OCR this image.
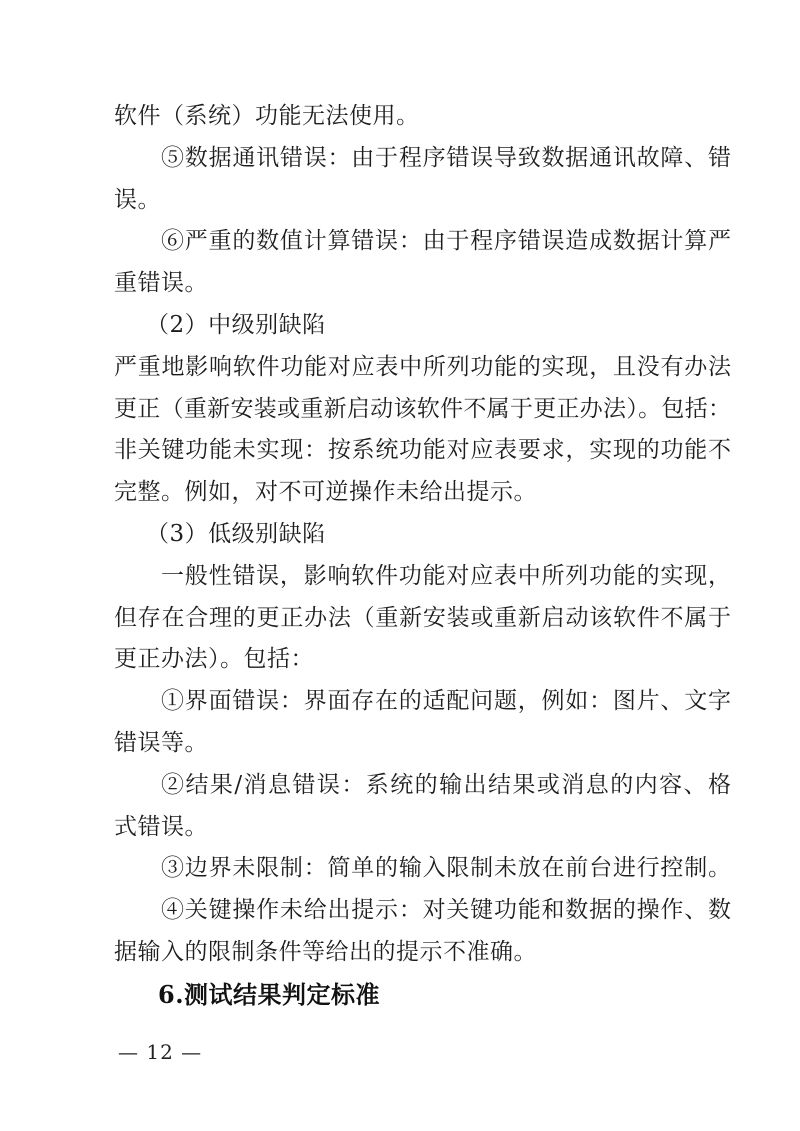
软件（系统）功能无法使用。
⑤数据通讯错误：由于程序错误导致数据通讯故障、错
误。
⑥严重的数值计算错误：由于程序错误造成数据计算严
重错误。
（2）中级别缺陷
严重地影响软件功能对应表中所列功能的实现，且没有办法
更正（重新安装或重新启动该软件不属于更正办法）。包括：
非关键功能未实现：按系统功能对应表要求，实现的功能不
完整。例如，对不可逆操作未给出提示。
（3）低级别缺陷
一般性错误，影响软件功能对应表中所列功能的实现，
但存在合理的更正办法（重新安装或重新启动该软件不属于
更正办法）。包括：
①界面错误：界面存在的适配问题，例如：图片、文字
错误等。
②结果/消息错误：系统的输出结果或消息的内容、格
式错误。
③边界未限制：简单的输入限制未放在前台进行控制。
④关键操作未给出提示：对关键功能和数据的操作、数
据输入的限制条件等给出的提示不准确。
6.测试结果判定标准
— 12 —
